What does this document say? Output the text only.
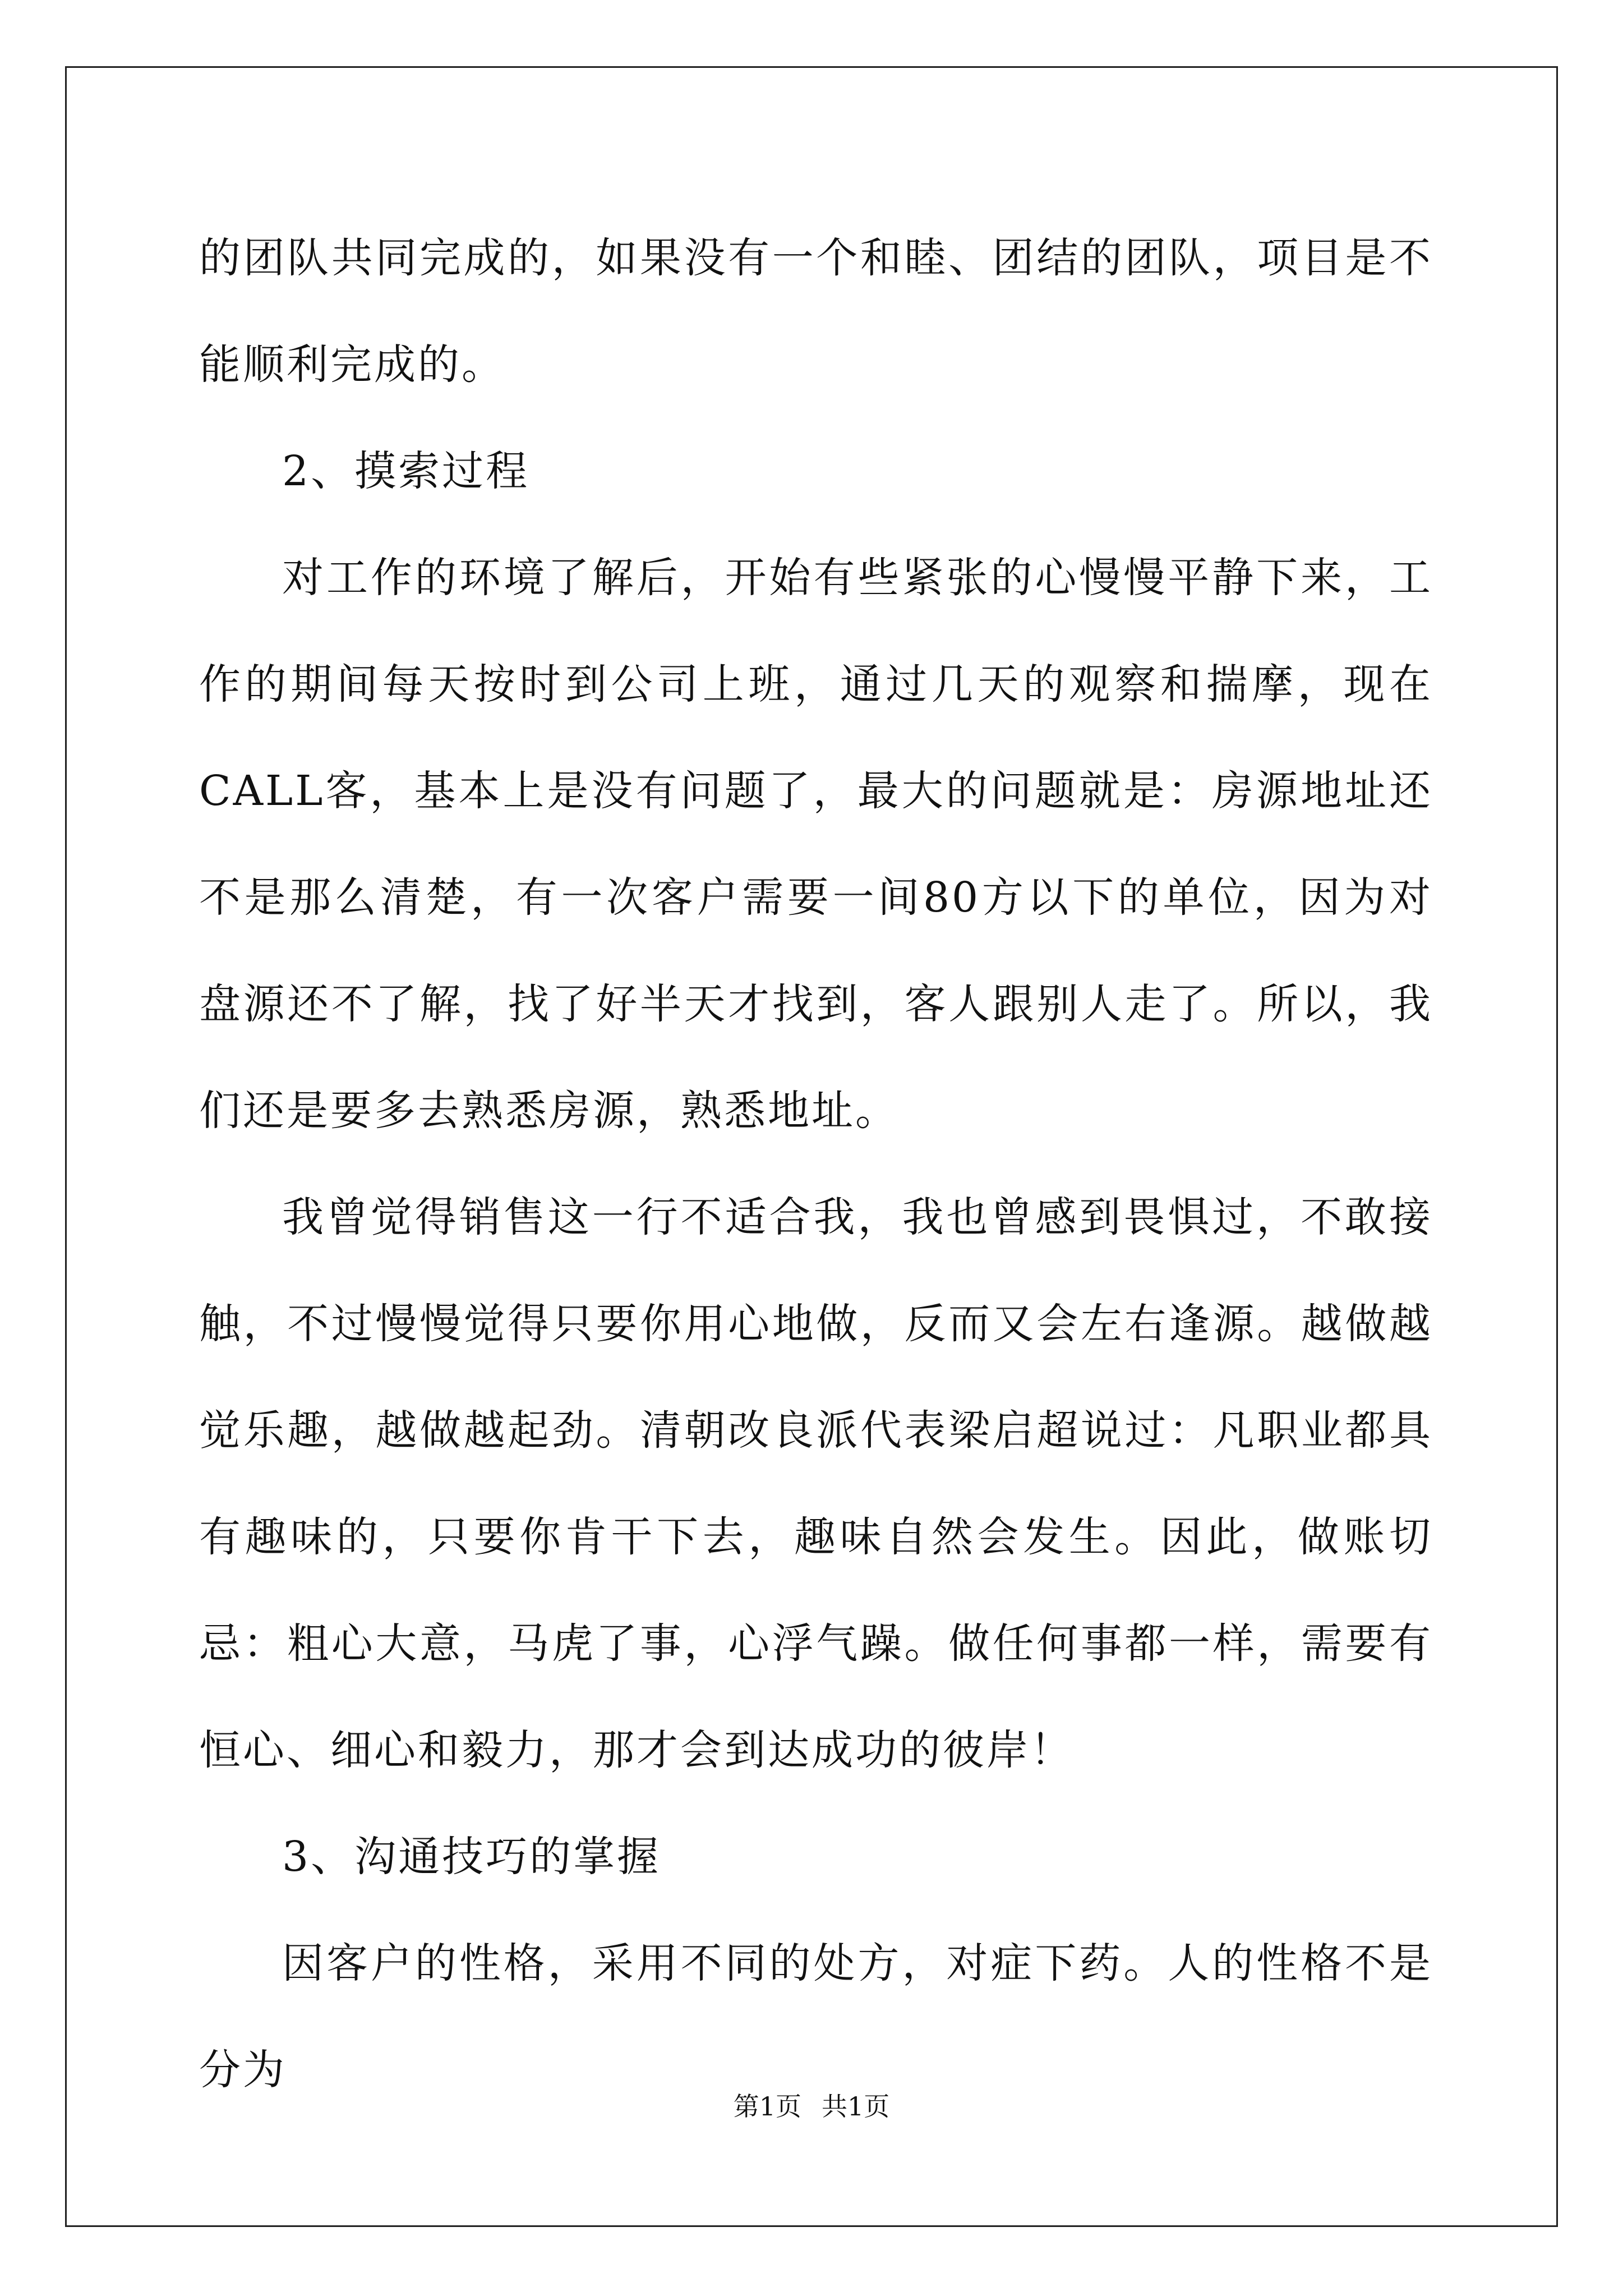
的团队共同完成的，如果没有一个和睦、团结的团队，项目是不能顺利完成的。

2、摸索过程

对工作的环境了解后，开始有些紧张的心慢慢平静下来，工作的期间每天按时到公司上班，通过几天的观察和揣摩，现在CALL客，基本上是没有问题了，最大的问题就是：房源地址还不是那么清楚，有一次客户需要一间80方以下的单位，因为对盘源还不了解，找了好半天才找到，客人跟别人走了。所以，我们还是要多去熟悉房源，熟悉地址。

我曾觉得销售这一行不适合我，我也曾感到畏惧过，不敢接触，不过慢慢觉得只要你用心地做，反而又会左右逢源。越做越觉乐趣，越做越起劲。清朝改良派代表梁启超说过：凡职业都具有趣味的，只要你肯干下去，趣味自然会发生。因此，做账切忌：粗心大意，马虎了事，心浮气躁。做任何事都一样，需要有恒心、细心和毅力，那才会到达成功的彼岸！

3、沟通技巧的掌握

因客户的性格，采用不同的处方，对症下药。人的性格不是分为

第1页 共1页
